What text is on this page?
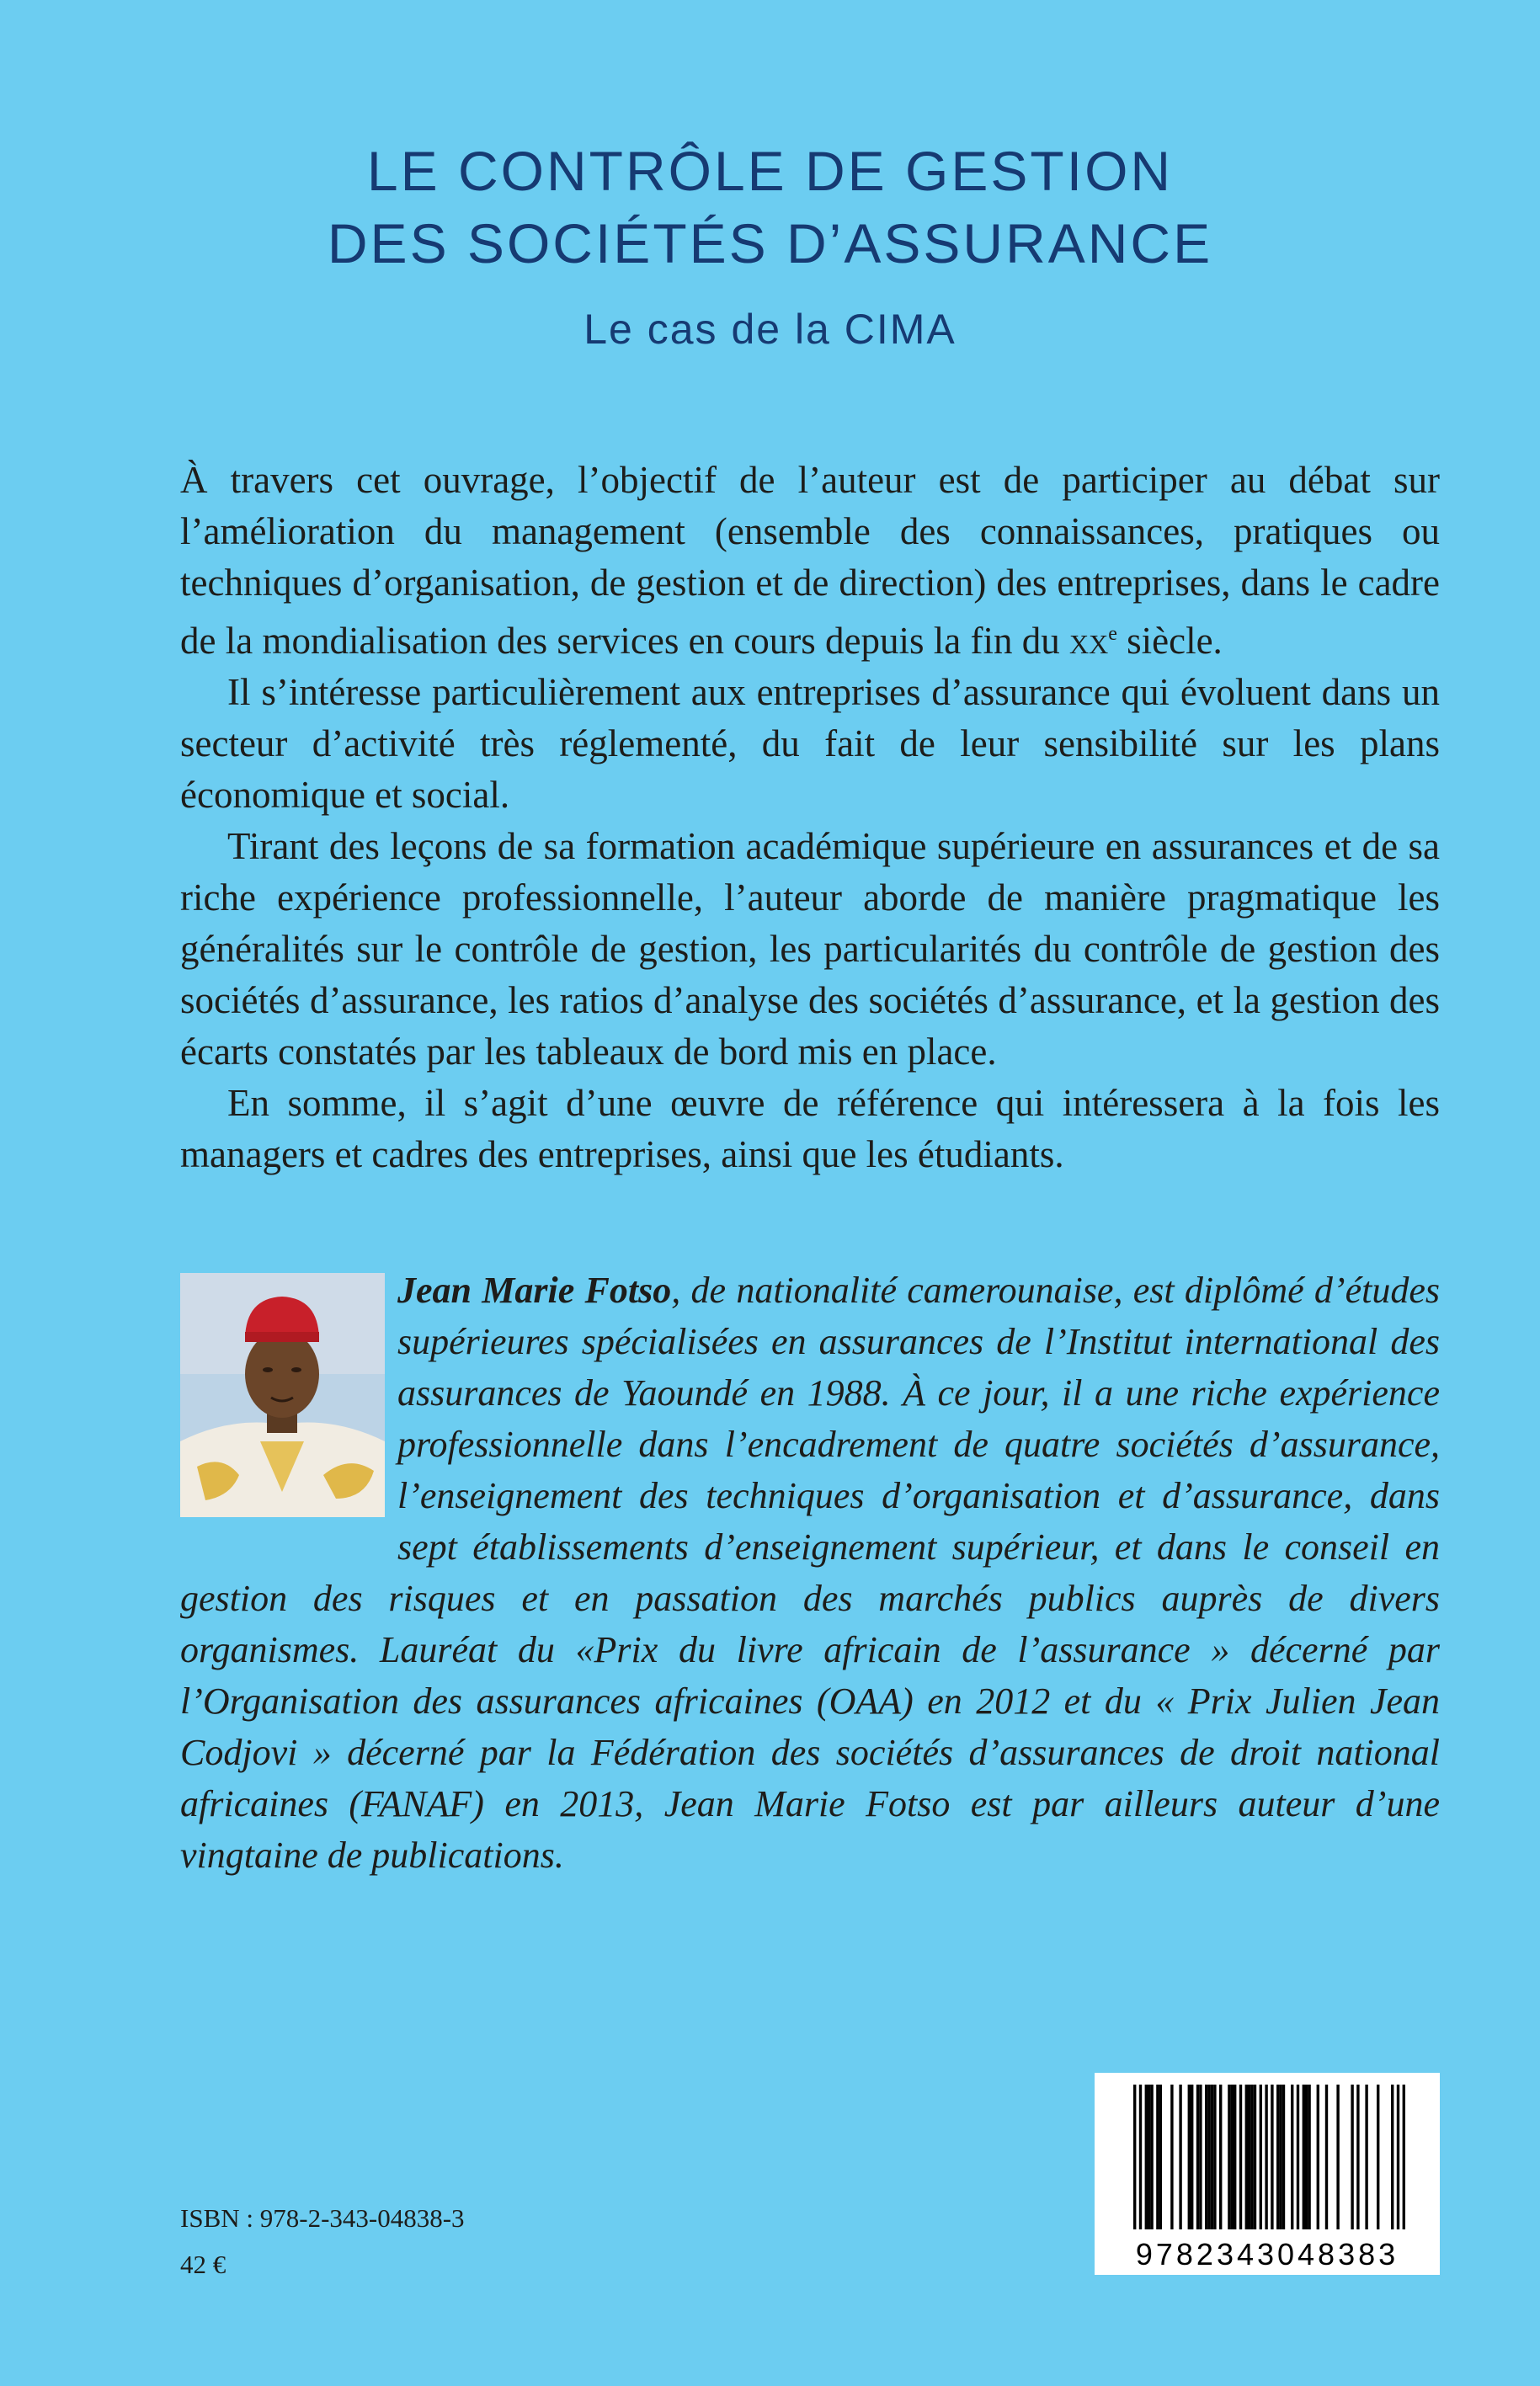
LE CONTRÔLE DE GESTION
DES SOCIÉTÉS D’ASSURANCE
Le cas de la CIMA

À travers cet ouvrage, l’objectif de l’auteur est de participer au débat sur l’amélioration du management (ensemble des connaissances, pratiques ou techniques d’organisation, de gestion et de direction) des entreprises, dans le cadre de la mondialisation des services en cours depuis la fin du $xx^e$ siècle.

Il s’intéresse particulièrement aux entreprises d’assurance qui évoluent dans un secteur d’activité très réglementé, du fait de leur sensibilité sur les plans économique et social.

Tirant des leçons de sa formation académique supérieure en assurances et de sa riche expérience professionnelle, l’auteur aborde de manière pragmatique les généralités sur le contrôle de gestion, les particularités du contrôle de gestion des sociétés d’assurance, les ratios d’analyse des sociétés d’assurance, et la gestion des écarts constatés par les tableaux de bord mis en place.

En somme, il s’agit d’une œuvre de référence qui intéressera à la fois les managers et cadres des entreprises, ainsi que les étudiants.

Jean Marie Fotso, de nationalité camerounaise, est diplômé d’études supérieures spécialisées en assurances de l’Institut international des assurances de Yaoundé en 1988. À ce jour, il a une riche expérience professionnelle dans l’encadrement de quatre sociétés d’assurance, l’enseignement des techniques d’organisation et d’assurance, dans sept établissements d’enseignement supérieur, et dans le conseil en gestion des risques et en passation des marchés publics auprès de divers organismes. Lauréat du «Prix du livre africain de l’assurance » décerné par l’Organisation des assurances africaines (OAA) en 2012 et du « Prix Julien Jean Codjovi » décerné par la Fédération des sociétés d’assurances de droit national africaines (FANAF) en 2013, Jean Marie Fotso est par ailleurs auteur d’une vingtaine de publications.
9782343048383
ISBN : 978-2-343-04838-3
42 €
